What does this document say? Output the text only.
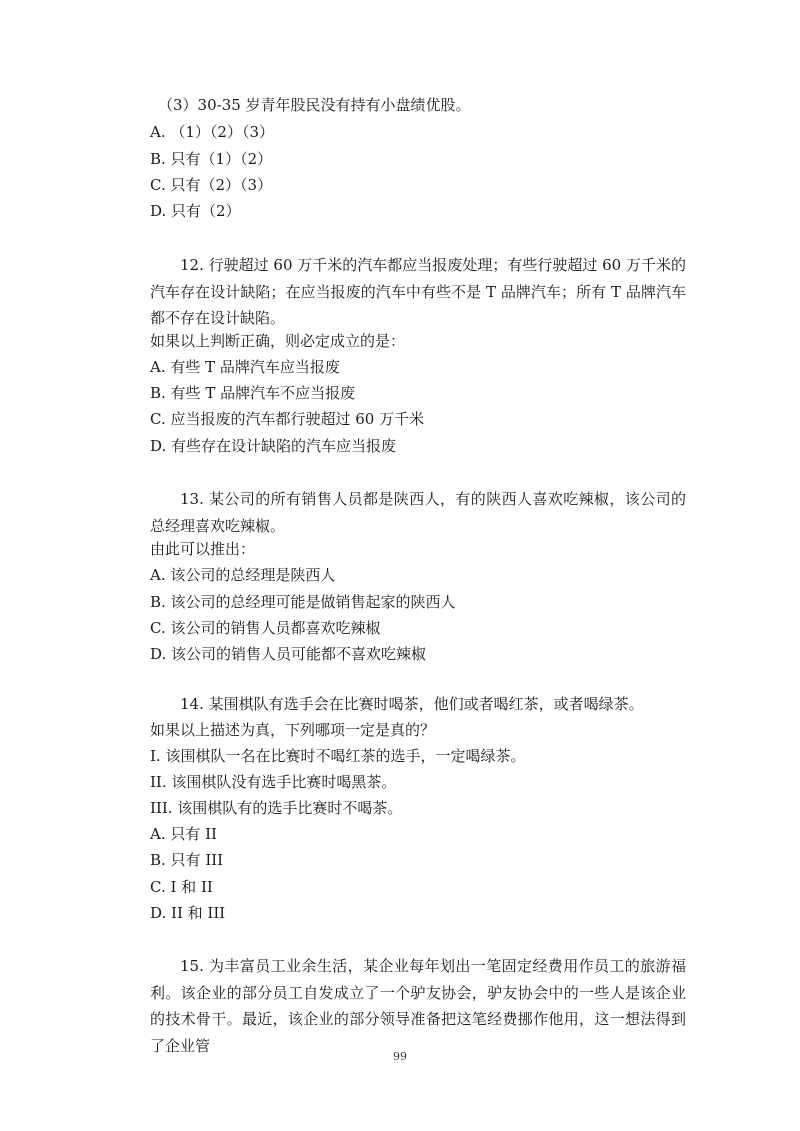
（3）30-35 岁青年股民没有持有小盘绩优股。
A. （1）（2）（3）
B. 只有（1）（2）
C. 只有（2）（3）
D. 只有（2）
12. 行驶超过 60 万千米的汽车都应当报废处理；有些行驶超过 60 万千米的汽车存在设计缺陷；在应当报废的汽车中有些不是 T 品牌汽车；所有 T 品牌汽车都不存在设计缺陷。
如果以上判断正确，则必定成立的是：
A. 有些 T 品牌汽车应当报废
B. 有些 T 品牌汽车不应当报废
C. 应当报废的汽车都行驶超过 60 万千米
D. 有些存在设计缺陷的汽车应当报废
13. 某公司的所有销售人员都是陕西人，有的陕西人喜欢吃辣椒，该公司的总经理喜欢吃辣椒。
由此可以推出：
A. 该公司的总经理是陕西人
B. 该公司的总经理可能是做销售起家的陕西人
C. 该公司的销售人员都喜欢吃辣椒
D. 该公司的销售人员可能都不喜欢吃辣椒
14. 某围棋队有选手会在比赛时喝茶，他们或者喝红茶，或者喝绿茶。
如果以上描述为真，下列哪项一定是真的？
I. 该围棋队一名在比赛时不喝红茶的选手，一定喝绿茶。
II. 该围棋队没有选手比赛时喝黑茶。
III. 该围棋队有的选手比赛时不喝茶。
A. 只有 II
B. 只有 III
C. I 和 II
D. II 和 III
15. 为丰富员工业余生活，某企业每年划出一笔固定经费用作员工的旅游福利。该企业的部分员工自发成立了一个驴友协会，驴友协会中的一些人是该企业的技术骨干。最近，该企业的部分领导准备把这笔经费挪作他用，这一想法得到了企业管
99
